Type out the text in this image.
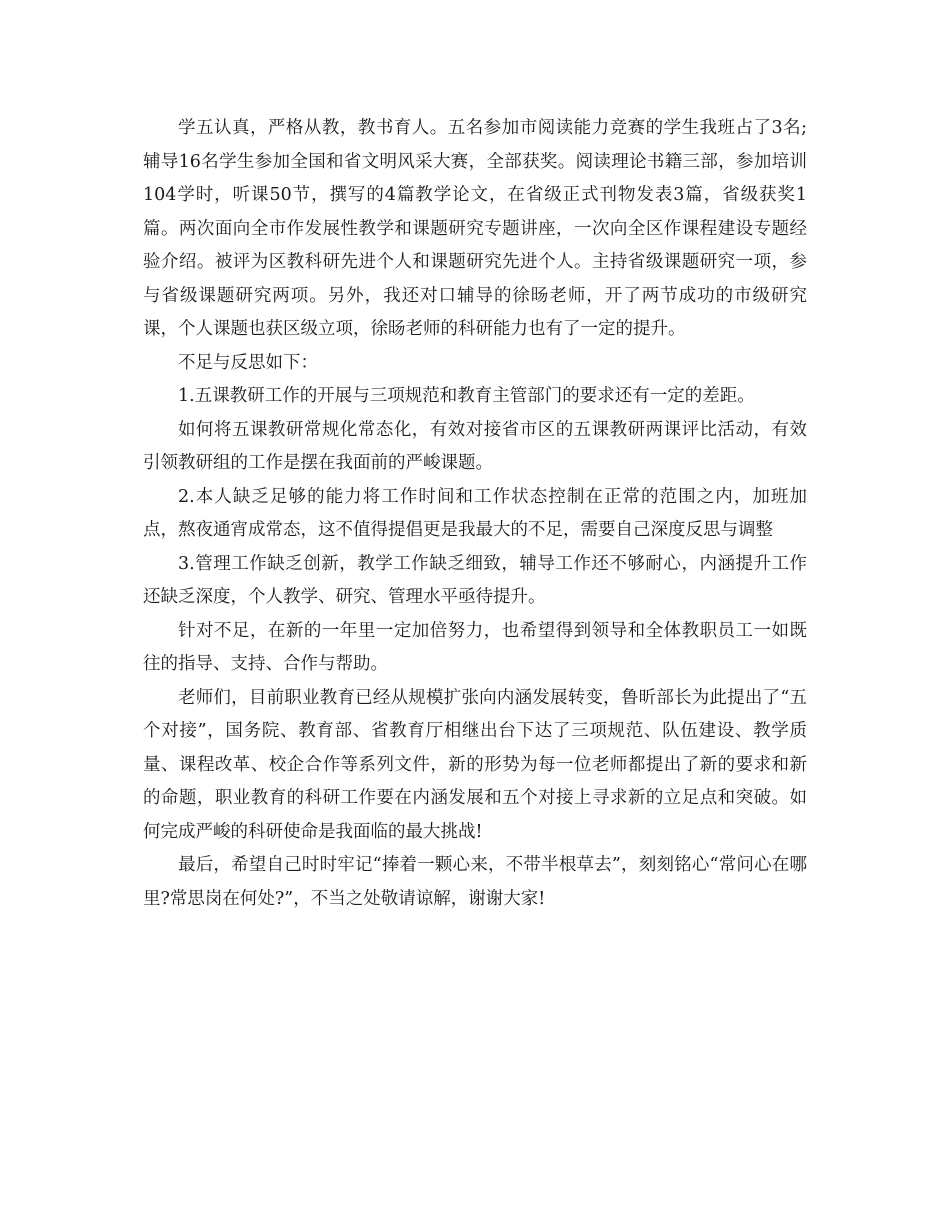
学五认真，严格从教，教书育人。五名参加市阅读能力竞赛的学生我班占了3名;辅导16名学生参加全国和省文明风采大赛，全部获奖。阅读理论书籍三部，参加培训104学时，听课50节，撰写的4篇教学论文，在省级正式刊物发表3篇，省级获奖1篇。两次面向全市作发展性教学和课题研究专题讲座，一次向全区作课程建设专题经验介绍。被评为区教科研先进个人和课题研究先进个人。主持省级课题研究一项，参与省级课题研究两项。另外，我还对口辅导的徐旸老师，开了两节成功的市级研究课，个人课题也获区级立项，徐旸老师的科研能力也有了一定的提升。

不足与反思如下：

1.五课教研工作的开展与三项规范和教育主管部门的要求还有一定的差距。

如何将五课教研常规化常态化，有效对接省市区的五课教研两课评比活动，有效引领教研组的工作是摆在我面前的严峻课题。

2.本人缺乏足够的能力将工作时间和工作状态控制在正常的范围之内，加班加点，熬夜通宵成常态，这不值得提倡更是我最大的不足，需要自己深度反思与调整

3.管理工作缺乏创新，教学工作缺乏细致，辅导工作还不够耐心，内涵提升工作还缺乏深度，个人教学、研究、管理水平亟待提升。

针对不足，在新的一年里一定加倍努力，也希望得到领导和全体教职员工一如既往的指导、支持、合作与帮助。

老师们，目前职业教育已经从规模扩张向内涵发展转变，鲁昕部长为此提出了“五个对接”，国务院、教育部、省教育厅相继出台下达了三项规范、队伍建设、教学质量、课程改革、校企合作等系列文件，新的形势为每一位老师都提出了新的要求和新的命题，职业教育的科研工作要在内涵发展和五个对接上寻求新的立足点和突破。如何完成严峻的科研使命是我面临的最大挑战!

最后，希望自己时时牢记“捧着一颗心来，不带半根草去”，刻刻铭心“常问心在哪里?常思岗在何处?”，不当之处敬请谅解，谢谢大家!
